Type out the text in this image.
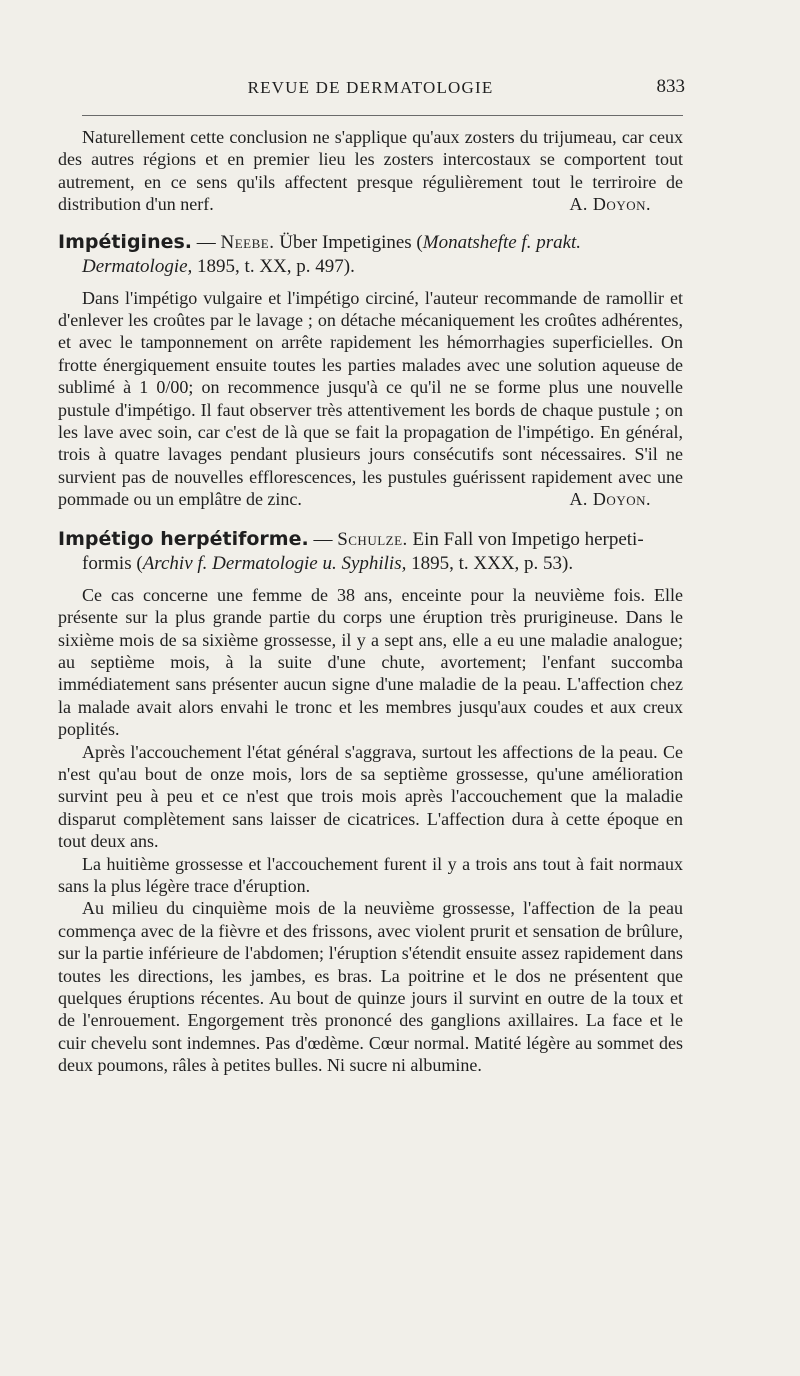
REVUE DE DERMATOLOGIE	833

Naturellement cette conclusion ne s'applique qu'aux zosters du trijumeau, car ceux des autres régions et en premier lieu les zosters intercostaux se comportent tout autrement, en ce sens qu'ils affectent presque régulièrement tout le terriroire de distribution d'un nerf.	A. Doyon.

Impétigines. — Neebe. Über Impetigines (Monatshefte f. prakt. Dermatologie, 1895, t. XX, p. 497).

Dans l'impétigo vulgaire et l'impétigo circiné, l'auteur recommande de ramollir et d'enlever les croûtes par le lavage ; on détache mécaniquement les croûtes adhérentes, et avec le tamponnement on arrête rapidement les hémorrhagies superficielles. On frotte énergiquement ensuite toutes les parties malades avec une solution aqueuse de sublimé à 1 0/00; on recommence jusqu'à ce qu'il ne se forme plus une nouvelle pustule d'impétigo. Il faut observer très attentivement les bords de chaque pustule ; on les lave avec soin, car c'est de là que se fait la propagation de l'impétigo. En général, trois à quatre lavages pendant plusieurs jours consécutifs sont nécessaires. S'il ne survient pas de nouvelles efflorescences, les pustules guérissent rapidement avec une pommade ou un emplâtre de zinc.	A. Doyon.

Impétigo herpétiforme. — Schulze. Ein Fall von Impetigo herpetiformis (Archiv f. Dermatologie u. Syphilis, 1895, t. XXX, p. 53).

Ce cas concerne une femme de 38 ans, enceinte pour la neuvième fois. Elle présente sur la plus grande partie du corps une éruption très prurigineuse. Dans le sixième mois de sa sixième grossesse, il y a sept ans, elle a eu une maladie analogue; au septième mois, à la suite d'une chute, avortement; l'enfant succomba immédiatement sans présenter aucun signe d'une maladie de la peau. L'affection chez la malade avait alors envahi le tronc et les membres jusqu'aux coudes et aux creux poplités.

Après l'accouchement l'état général s'aggrava, surtout les affections de la peau. Ce n'est qu'au bout de onze mois, lors de sa septième grossesse, qu'une amélioration survint peu à peu et ce n'est que trois mois après l'accouchement que la maladie disparut complètement sans laisser de cicatrices. L'affection dura à cette époque en tout deux ans.

La huitième grossesse et l'accouchement furent il y a trois ans tout à fait normaux sans la plus légère trace d'éruption.

Au milieu du cinquième mois de la neuvième grossesse, l'affection de la peau commença avec de la fièvre et des frissons, avec violent prurit et sensation de brûlure, sur la partie inférieure de l'abdomen; l'éruption s'étendit ensuite assez rapidement dans toutes les directions, les jambes, es bras. La poitrine et le dos ne présentent que quelques éruptions récentes. Au bout de quinze jours il survint en outre de la toux et de l'enrouement. Engorgement très prononcé des ganglions axillaires. La face et le cuir chevelu sont indemnes. Pas d'œdème. Cœur normal. Matité légère au sommet des deux poumons, râles à petites bulles. Ni sucre ni albumine.
